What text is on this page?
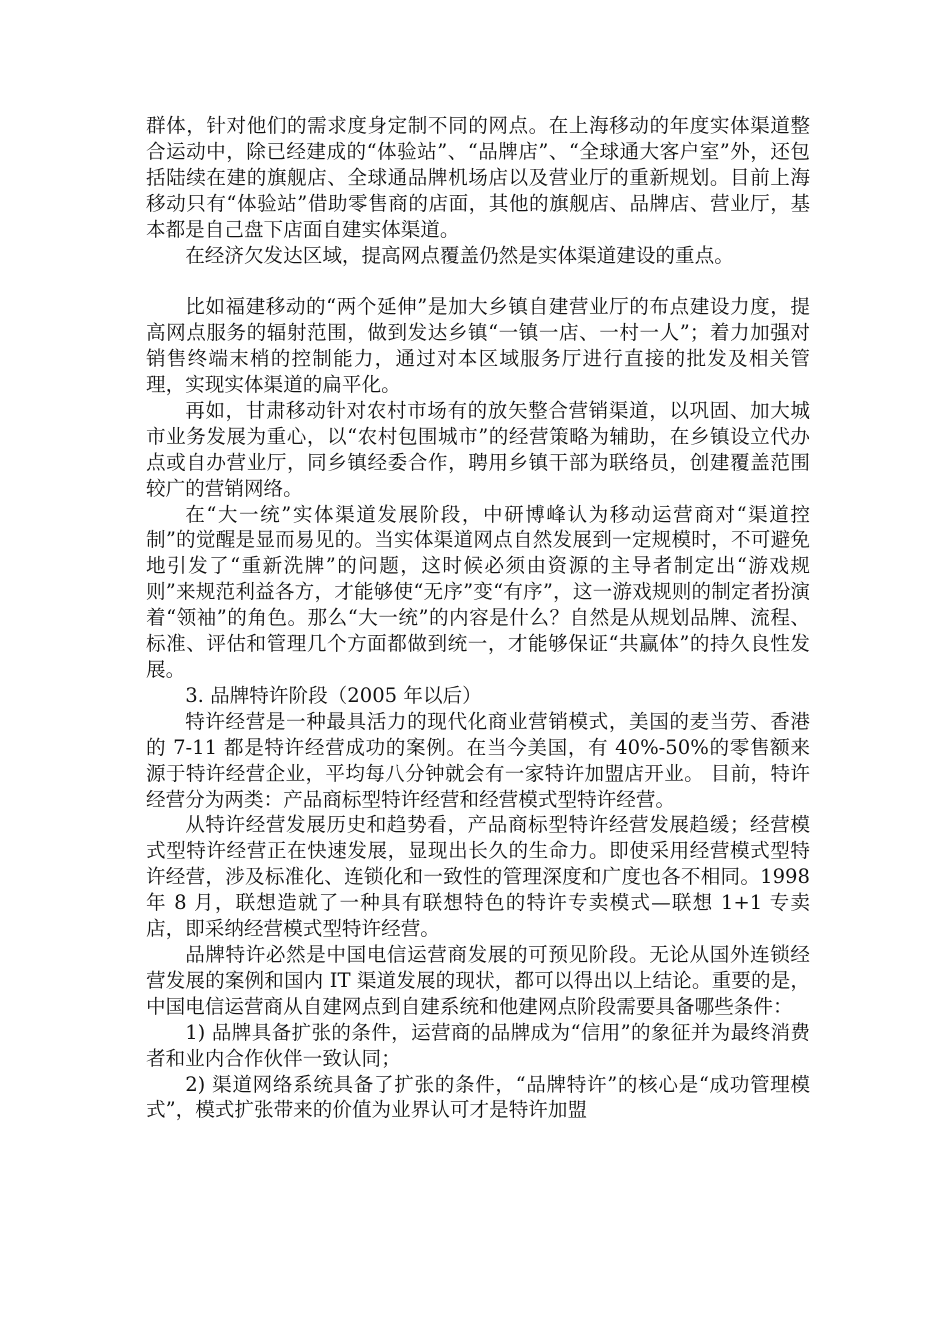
群体，针对他们的需求度身定制不同的网点。在上海移动的年度实体渠道整合运动中，除已经建成的“体验站”、“品牌店”、“全球通大客户室”外，还包括陆续在建的旗舰店、全球通品牌机场店以及营业厅的重新规划。目前上海移动只有“体验站”借助零售商的店面，其他的旗舰店、品牌店、营业厅，基本都是自己盘下店面自建实体渠道。

在经济欠发达区域，提高网点覆盖仍然是实体渠道建设的重点。

比如福建移动的“两个延伸”是加大乡镇自建营业厅的布点建设力度，提高网点服务的辐射范围，做到发达乡镇“一镇一店、一村一人”；着力加强对销售终端末梢的控制能力，通过对本区域服务厅进行直接的批发及相关管理，实现实体渠道的扁平化。

再如，甘肃移动针对农村市场有的放矢整合营销渠道，以巩固、加大城市业务发展为重心，以“农村包围城市”的经营策略为辅助，在乡镇设立代办点或自办营业厅，同乡镇经委合作，聘用乡镇干部为联络员，创建覆盖范围较广的营销网络。

在“大一统”实体渠道发展阶段，中研博峰认为移动运营商对“渠道控制”的觉醒是显而易见的。当实体渠道网点自然发展到一定规模时，不可避免地引发了“重新洗牌”的问题，这时候必须由资源的主导者制定出“游戏规则”来规范利益各方，才能够使“无序”变“有序”，这一游戏规则的制定者扮演着“领袖”的角色。那么“大一统”的内容是什么？自然是从规划品牌、流程、标准、评估和管理几个方面都做到统一，才能够保证“共赢体”的持久良性发展。

3. 品牌特许阶段（2005 年以后）

特许经营是一种最具活力的现代化商业营销模式，美国的麦当劳、香港的 7-11 都是特许经营成功的案例。在当今美国，有 40%-50%的零售额来源于特许经营企业，平均每八分钟就会有一家特许加盟店开业。 目前，特许经营分为两类：产品商标型特许经营和经营模式型特许经营。

从特许经营发展历史和趋势看，产品商标型特许经营发展趋缓；经营模式型特许经营正在快速发展，显现出长久的生命力。即使采用经营模式型特许经营，涉及标准化、连锁化和一致性的管理深度和广度也各不相同。1998 年 8 月，联想造就了一种具有联想特色的特许专卖模式—联想 1+1 专卖店，即采纳经营模式型特许经营。

品牌特许必然是中国电信运营商发展的可预见阶段。无论从国外连锁经营发展的案例和国内 IT 渠道发展的现状，都可以得出以上结论。重要的是，中国电信运营商从自建网点到自建系统和他建网点阶段需要具备哪些条件：

1) 品牌具备扩张的条件，运营商的品牌成为“信用”的象征并为最终消费者和业内合作伙伴一致认同；

2) 渠道网络系统具备了扩张的条件，“品牌特许”的核心是“成功管理模式”，模式扩张带来的价值为业界认可才是特许加盟
